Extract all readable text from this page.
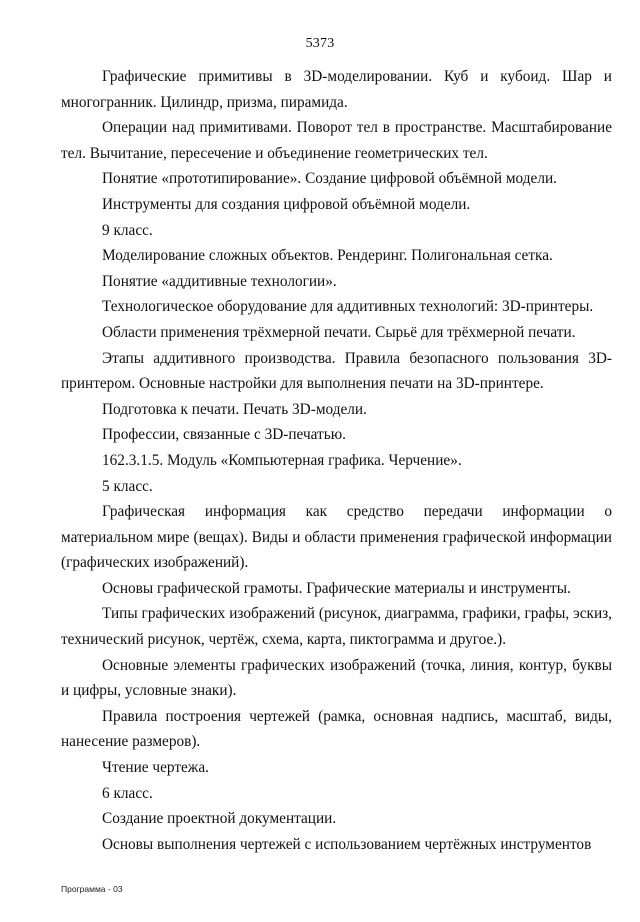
5373

Графические примитивы в 3D-моделировании. Куб и кубоид. Шар и многогранник. Цилиндр, призма, пирамида.

Операции над примитивами. Поворот тел в пространстве. Масштабирование тел. Вычитание, пересечение и объединение геометрических тел.

Понятие «прототипирование». Создание цифровой объёмной модели.

Инструменты для создания цифровой объёмной модели.

9 класс.

Моделирование сложных объектов. Рендеринг. Полигональная сетка.

Понятие «аддитивные технологии».

Технологическое оборудование для аддитивных технологий: 3D-принтеры.

Области применения трёхмерной печати. Сырьё для трёхмерной печати.

Этапы аддитивного производства. Правила безопасного пользования 3D-принтером. Основные настройки для выполнения печати на 3D-принтере.

Подготовка к печати. Печать 3D-модели.

Профессии, связанные с 3D-печатью.

162.3.1.5. Модуль «Компьютерная графика. Черчение».

5 класс.

Графическая информация как средство передачи информации о материальном мире (вещах). Виды и области применения графической информации (графических изображений).

Основы графической грамоты. Графические материалы и инструменты.

Типы графических изображений (рисунок, диаграмма, графики, графы, эскиз, технический рисунок, чертёж, схема, карта, пиктограмма и другое.).

Основные элементы графических изображений (точка, линия, контур, буквы и цифры, условные знаки).

Правила построения чертежей (рамка, основная надпись, масштаб, виды, нанесение размеров).

Чтение чертежа.

6 класс.

Создание проектной документации.

Основы выполнения чертежей с использованием чертёжных инструментов

Программа - 03
